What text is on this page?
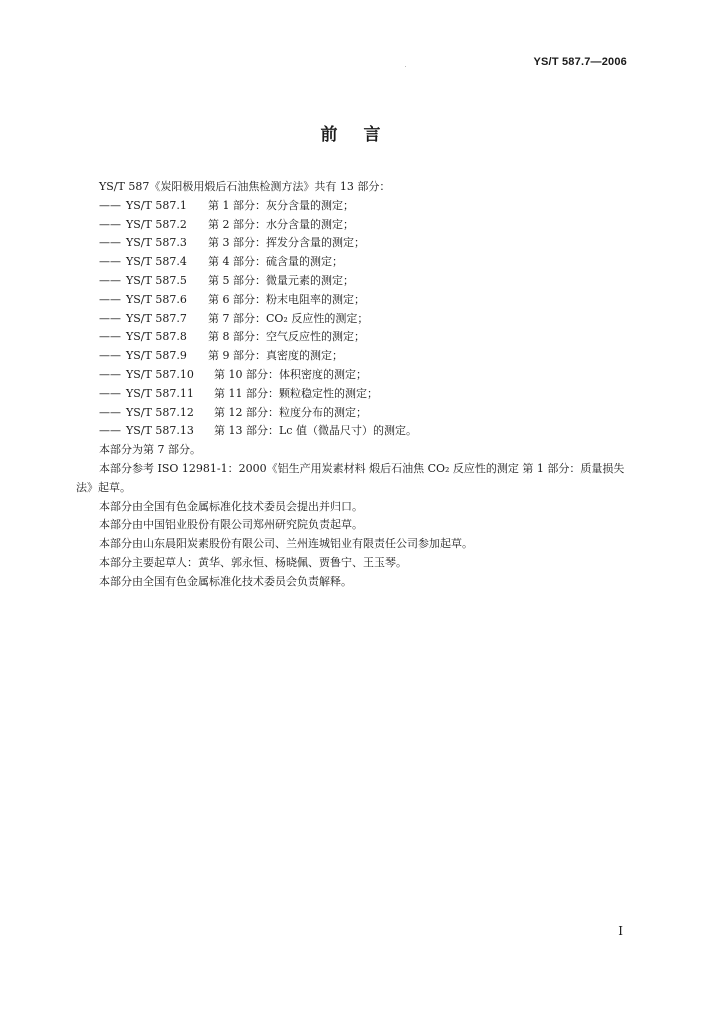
YS/T 587.7—2006
前言
YS/T 587《炭阳极用煅后石油焦检测方法》共有 13 部分：
—— YS/T 587.1 第 1 部分：灰分含量的测定；
—— YS/T 587.2 第 2 部分：水分含量的测定；
—— YS/T 587.3 第 3 部分：挥发分含量的测定；
—— YS/T 587.4 第 4 部分：硫含量的测定；
—— YS/T 587.5 第 5 部分：微量元素的测定；
—— YS/T 587.6 第 6 部分：粉末电阻率的测定；
—— YS/T 587.7 第 7 部分：CO₂ 反应性的测定；
—— YS/T 587.8 第 8 部分：空气反应性的测定；
—— YS/T 587.9 第 9 部分：真密度的测定；
—— YS/T 587.10 第 10 部分：体积密度的测定；
—— YS/T 587.11 第 11 部分：颗粒稳定性的测定；
—— YS/T 587.12 第 12 部分：粒度分布的测定；
—— YS/T 587.13 第 13 部分：Lc 值（微晶尺寸）的测定。
本部分为第 7 部分。
本部分参考 ISO 12981-1：2000《铝生产用炭素材料 煅后石油焦 CO₂ 反应性的测定 第 1 部分：质量损失法》起草。
本部分由全国有色金属标准化技术委员会提出并归口。
本部分由中国铝业股份有限公司郑州研究院负责起草。
本部分由山东晨阳炭素股份有限公司、兰州连城铝业有限责任公司参加起草。
本部分主要起草人：黄华、郭永恒、杨晓佩、贾鲁宁、王玉琴。
本部分由全国有色金属标准化技术委员会负责解释。
I
